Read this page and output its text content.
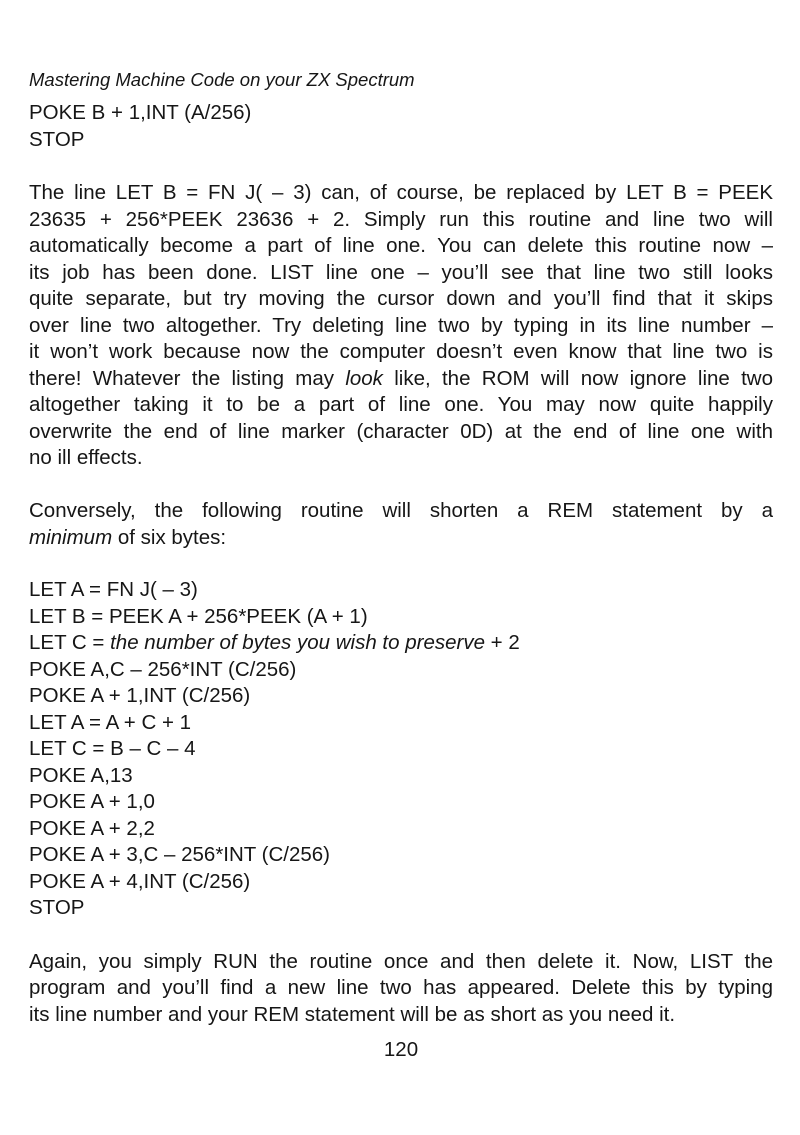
Mastering Machine Code on your ZX Spectrum
POKE B + 1,INT (A/256)
STOP
The line LET B = FN J( – 3) can, of course, be replaced by LET B = PEEK
23635 + 256*PEEK 23636 + 2. Simply run this routine and line two will
automatically become a part of line one. You can delete this routine now –
its job has been done. LIST line one – you’ll see that line two still looks
quite separate, but try moving the cursor down and you’ll find that it skips
over line two altogether. Try deleting line two by typing in its line number –
it won’t work because now the computer doesn’t even know that line two is
there! Whatever the listing may look like, the ROM will now ignore line two
altogether taking it to be a part of line one. You may now quite happily
overwrite the end of line marker (character 0D) at the end of line one with
no ill effects.
Conversely, the following routine will shorten a REM statement by a
minimum of six bytes:
LET A = FN J( – 3)
LET B = PEEK A + 256*PEEK (A + 1)
LET C = the number of bytes you wish to preserve + 2
POKE A,C – 256*INT (C/256)
POKE A + 1,INT (C/256)
LET A = A + C + 1
LET C = B – C – 4
POKE A,13
POKE A + 1,0
POKE A + 2,2
POKE A + 3,C – 256*INT (C/256)
POKE A + 4,INT (C/256)
STOP
Again, you simply RUN the routine once and then delete it. Now, LIST the
program and you’ll find a new line two has appeared. Delete this by typing
its line number and your REM statement will be as short as you need it.
120
